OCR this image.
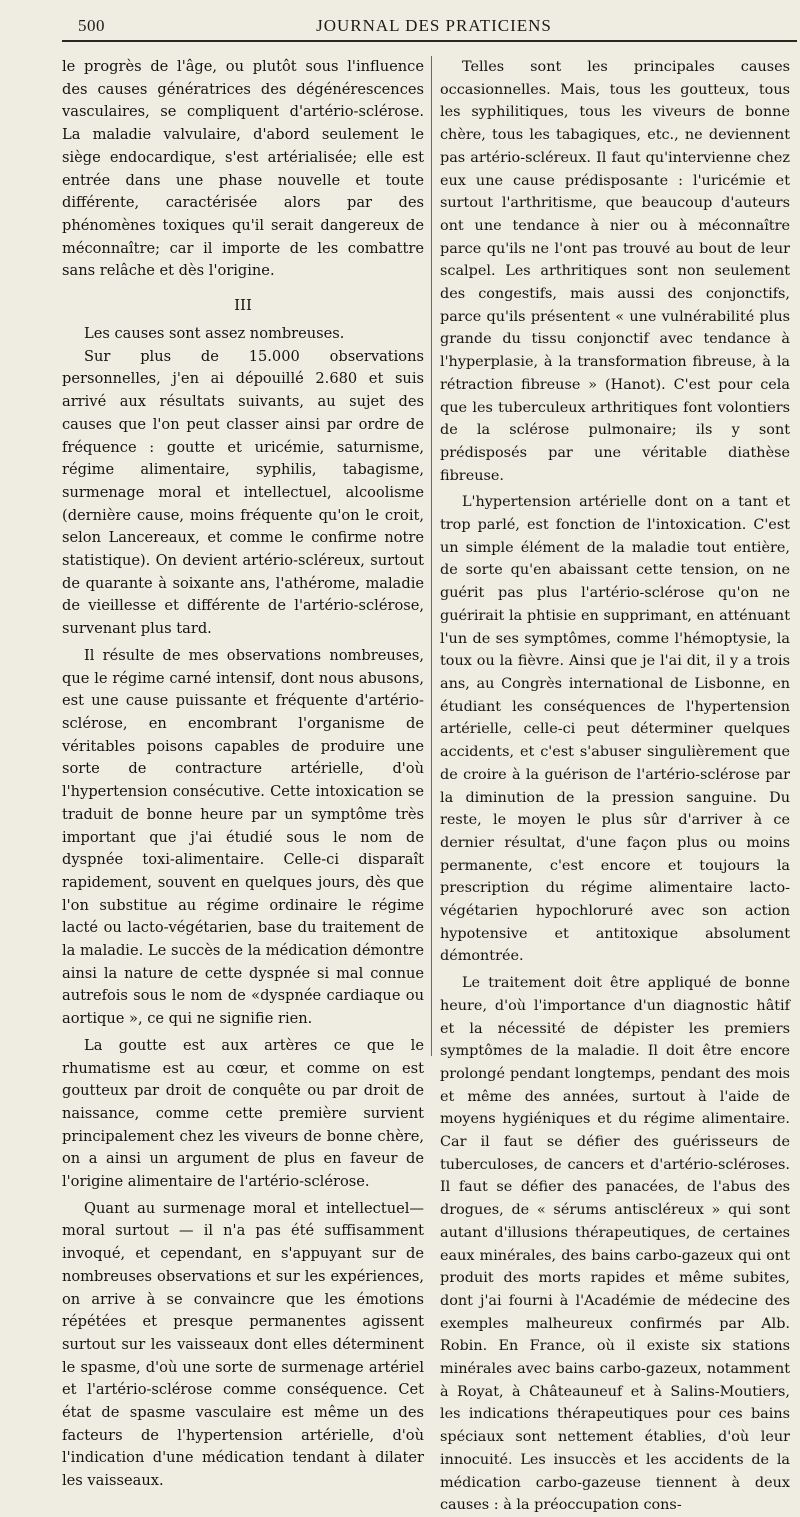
500	JOURNAL DES PRATICIENS

le progrès de l'âge, ou plutôt sous l'influence des causes génératrices des dégénérescences vasculaires, se compliquent d'artério-sclérose. La maladie valvulaire, d'abord seulement le siège endocardique, s'est artérialisée; elle est entrée dans une phase nouvelle et toute différente, caractérisée alors par des phénomènes toxiques qu'il serait dangereux de méconnaître; car il importe de les combattre sans relâche et dès l'origine.

III

Les causes sont assez nombreuses.

Sur plus de 15.000 observations personnelles, j'en ai dépouillé 2.680 et suis arrivé aux résultats suivants, au sujet des causes que l'on peut classer ainsi par ordre de fréquence : goutte et uricémie, saturnisme, régime alimentaire, syphilis, tabagisme, surmenage moral et intellectuel, alcoolisme (dernière cause, moins fréquente qu'on le croit, selon Lancereaux, et comme le confirme notre statistique). On devient artério-scléreux, surtout de quarante à soixante ans, l'athérome, maladie de vieillesse et différente de l'artério-sclérose, survenant plus tard.

Il résulte de mes observations nombreuses, que le régime carné intensif, dont nous abusons, est une cause puissante et fréquente d'artério-sclérose, en encombrant l'organisme de véritables poisons capables de produire une sorte de contracture artérielle, d'où l'hypertension consécutive. Cette intoxication se traduit de bonne heure par un symptôme très important que j'ai étudié sous le nom de dyspnée toxi-alimentaire. Celle-ci disparaît rapidement, souvent en quelques jours, dès que l'on substitue au régime ordinaire le régime lacté ou lacto-végétarien, base du traitement de la maladie. Le succès de la médication démontre ainsi la nature de cette dyspnée si mal connue autrefois sous le nom de «dyspnée cardiaque ou aortique », ce qui ne signifie rien.

La goutte est aux artères ce que le rhumatisme est au cœur, et comme on est goutteux par droit de conquête ou par droit de naissance, comme cette première survient principalement chez les viveurs de bonne chère, on a ainsi un argument de plus en faveur de l'origine alimentaire de l'artério-sclérose.

Quant au surmenage moral et intellectuel—moral surtout — il n'a pas été suffisamment invoqué, et cependant, en s'appuyant sur de nombreuses observations et sur les expériences, on arrive à se convaincre que les émotions répétées et presque permanentes agissent surtout sur les vaisseaux dont elles déterminent le spasme, d'où une sorte de surmenage artériel et l'artério-sclérose comme conséquence. Cet état de spasme vasculaire est même un des facteurs de l'hypertension artérielle, d'où l'indication d'une médication tendant à dilater les vaisseaux.

Telles sont les principales causes occasionnelles. Mais, tous les goutteux, tous les syphilitiques, tous les viveurs de bonne chère, tous les tabagiques, etc., ne deviennent pas artério-scléreux. Il faut qu'intervienne chez eux une cause prédisposante : l'uricémie et surtout l'arthritisme, que beaucoup d'auteurs ont une tendance à nier ou à méconnaître parce qu'ils ne l'ont pas trouvé au bout de leur scalpel. Les arthritiques sont non seulement des congestifs, mais aussi des conjonctifs, parce qu'ils présentent « une vulnérabilité plus grande du tissu conjonctif avec tendance à l'hyperplasie, à la transformation fibreuse, à la rétraction fibreuse » (Hanot). C'est pour cela que les tuberculeux arthritiques font volontiers de la sclérose pulmonaire; ils y sont prédisposés par une véritable diathèse fibreuse.

L'hypertension artérielle dont on a tant et trop parlé, est fonction de l'intoxication. C'est un simple élément de la maladie tout entière, de sorte qu'en abaissant cette tension, on ne guérit pas plus l'artério-sclérose qu'on ne guérirait la phtisie en supprimant, en atténuant l'un de ses symptômes, comme l'hémoptysie, la toux ou la fièvre. Ainsi que je l'ai dit, il y a trois ans, au Congrès international de Lisbonne, en étudiant les conséquences de l'hypertension artérielle, celle-ci peut déterminer quelques accidents, et c'est s'abuser singulièrement que de croire à la guérison de l'artério-sclérose par la diminution de la pression sanguine. Du reste, le moyen le plus sûr d'arriver à ce dernier résultat, d'une façon plus ou moins permanente, c'est encore et toujours la prescription du régime alimentaire lacto-végétarien hypochloruré avec son action hypotensive et antitoxique absolument démontrée.

Le traitement doit être appliqué de bonne heure, d'où l'importance d'un diagnostic hâtif et la nécessité de dépister les premiers symptômes de la maladie. Il doit être encore prolongé pendant longtemps, pendant des mois et même des années, surtout à l'aide de moyens hygiéniques et du régime alimentaire. Car il faut se défier des guérisseurs de tuberculoses, de cancers et d'artério-scléroses. Il faut se défier des panacées, de l'abus des drogues, de « sérums antiscléreux » qui sont autant d'illusions thérapeutiques, de certaines eaux minérales, des bains carbo-gazeux qui ont produit des morts rapides et même subites, dont j'ai fourni à l'Académie de médecine des exemples malheureux confirmés par Alb. Robin. En France, où il existe six stations minérales avec bains carbo-gazeux, notamment à Royat, à Châteauneuf et à Salins-Moutiers, les indications thérapeutiques pour ces bains spéciaux sont nettement établies, d'où leur innocuité. Les insuccès et les accidents de la médication carbo-gazeuse tiennent à deux causes : à la préoccupation cons-
